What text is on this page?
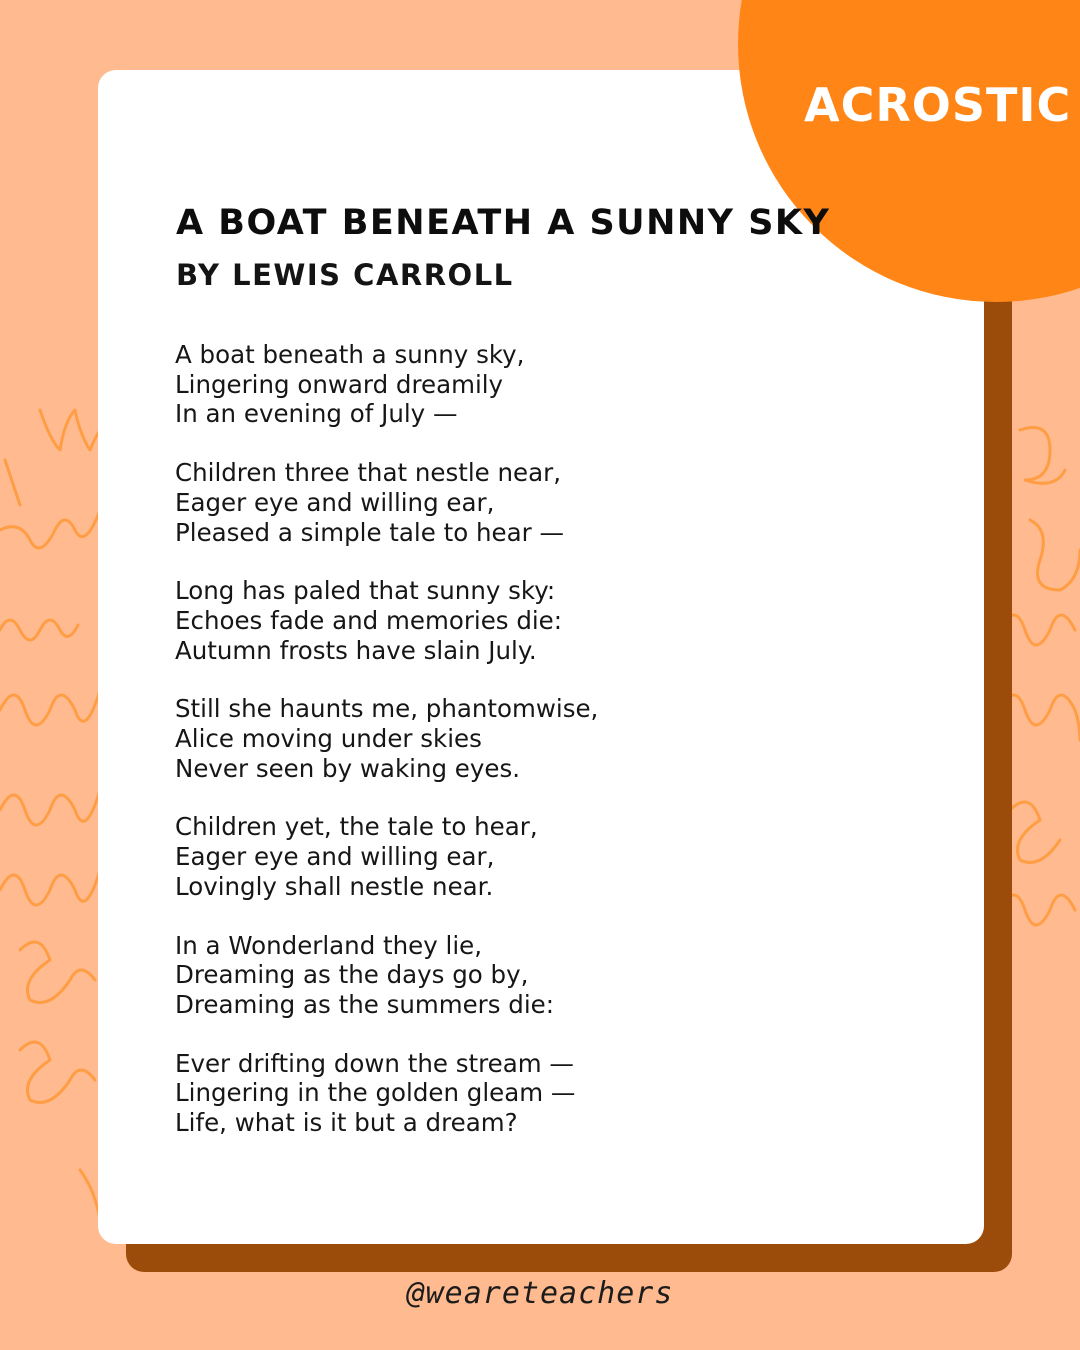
ACROSTIC
A BOAT BENEATH A SUNNY SKY
BY LEWIS CARROLL
A boat beneath a sunny sky,
Lingering onward dreamily
In an evening of July —
Children three that nestle near,
Eager eye and willing ear,
Pleased a simple tale to hear —
Long has paled that sunny sky:
Echoes fade and memories die:
Autumn frosts have slain July.
Still she haunts me, phantomwise,
Alice moving under skies
Never seen by waking eyes.
Children yet, the tale to hear,
Eager eye and willing ear,
Lovingly shall nestle near.
In a Wonderland they lie,
Dreaming as the days go by,
Dreaming as the summers die:
Ever drifting down the stream —
Lingering in the golden gleam —
Life, what is it but a dream?
@weareteachers
